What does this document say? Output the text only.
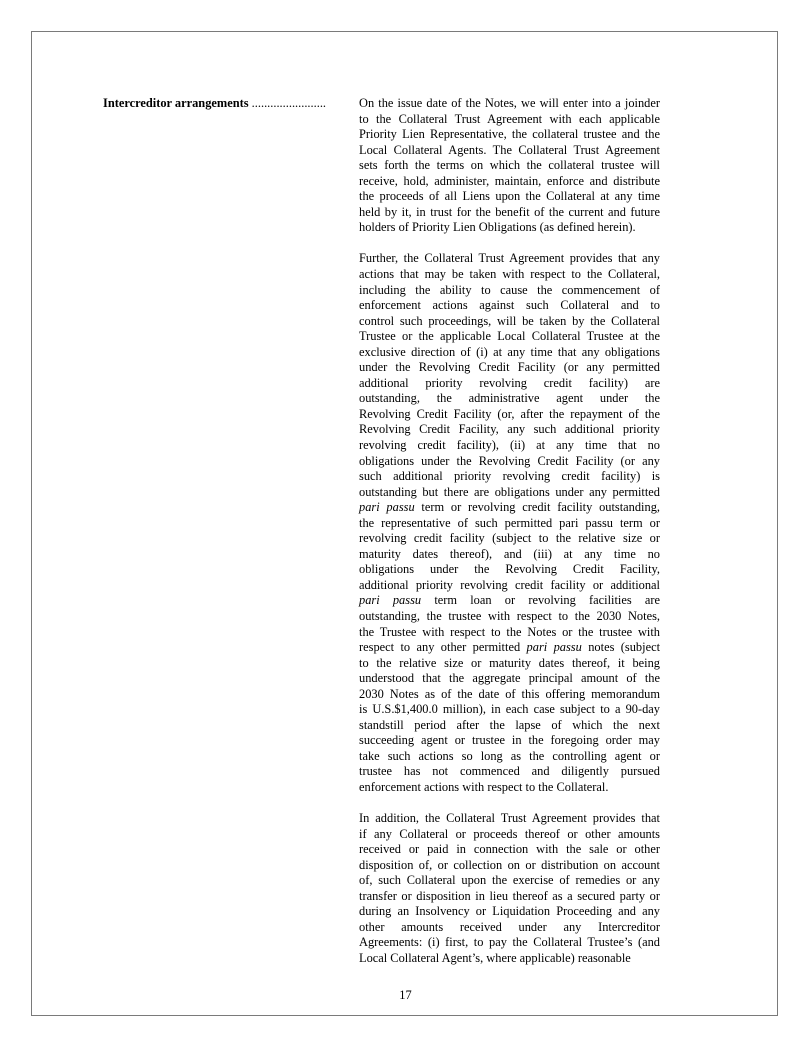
Intercreditor arrangements ........................	On the issue date of the Notes, we will enter into a joinder
to the Collateral Trust Agreement with each applicable
Priority Lien Representative, the collateral trustee and the
Local Collateral Agents. The Collateral Trust Agreement
sets forth the terms on which the collateral trustee will
receive, hold, administer, maintain, enforce and distribute
the proceeds of all Liens upon the Collateral at any time
held by it, in trust for the benefit of the current and future
holders of Priority Lien Obligations (as defined herein).

Further, the Collateral Trust Agreement provides that any
actions that may be taken with respect to the Collateral,
including the ability to cause the commencement of
enforcement actions against such Collateral and to
control such proceedings, will be taken by the Collateral
Trustee or the applicable Local Collateral Trustee at the
exclusive direction of (i) at any time that any obligations
under the Revolving Credit Facility (or any permitted
additional priority revolving credit facility) are
outstanding, the administrative agent under the
Revolving Credit Facility (or, after the repayment of the
Revolving Credit Facility, any such additional priority
revolving credit facility), (ii) at any time that no
obligations under the Revolving Credit Facility (or any
such additional priority revolving credit facility) is
outstanding but there are obligations under any permitted
pari passu term or revolving credit facility outstanding,
the representative of such permitted pari passu term or
revolving credit facility (subject to the relative size or
maturity dates thereof), and (iii) at any time no
obligations under the Revolving Credit Facility,
additional priority revolving credit facility or additional
pari passu term loan or revolving facilities are
outstanding, the trustee with respect to the 2030 Notes,
the Trustee with respect to the Notes or the trustee with
respect to any other permitted pari passu notes (subject
to the relative size or maturity dates thereof, it being
understood that the aggregate principal amount of the
2030 Notes as of the date of this offering memorandum
is U.S.$1,400.0 million), in each case subject to a 90-day
standstill period after the lapse of which the next
succeeding agent or trustee in the foregoing order may
take such actions so long as the controlling agent or
trustee has not commenced and diligently pursued
enforcement actions with respect to the Collateral.

In addition, the Collateral Trust Agreement provides that
if any Collateral or proceeds thereof or other amounts
received or paid in connection with the sale or other
disposition of, or collection on or distribution on account
of, such Collateral upon the exercise of remedies or any
transfer or disposition in lieu thereof as a secured party or
during an Insolvency or Liquidation Proceeding and any
other amounts received under any Intercreditor
Agreements: (i) first, to pay the Collateral Trustee’s (and
Local Collateral Agent’s, where applicable) reasonable

17
